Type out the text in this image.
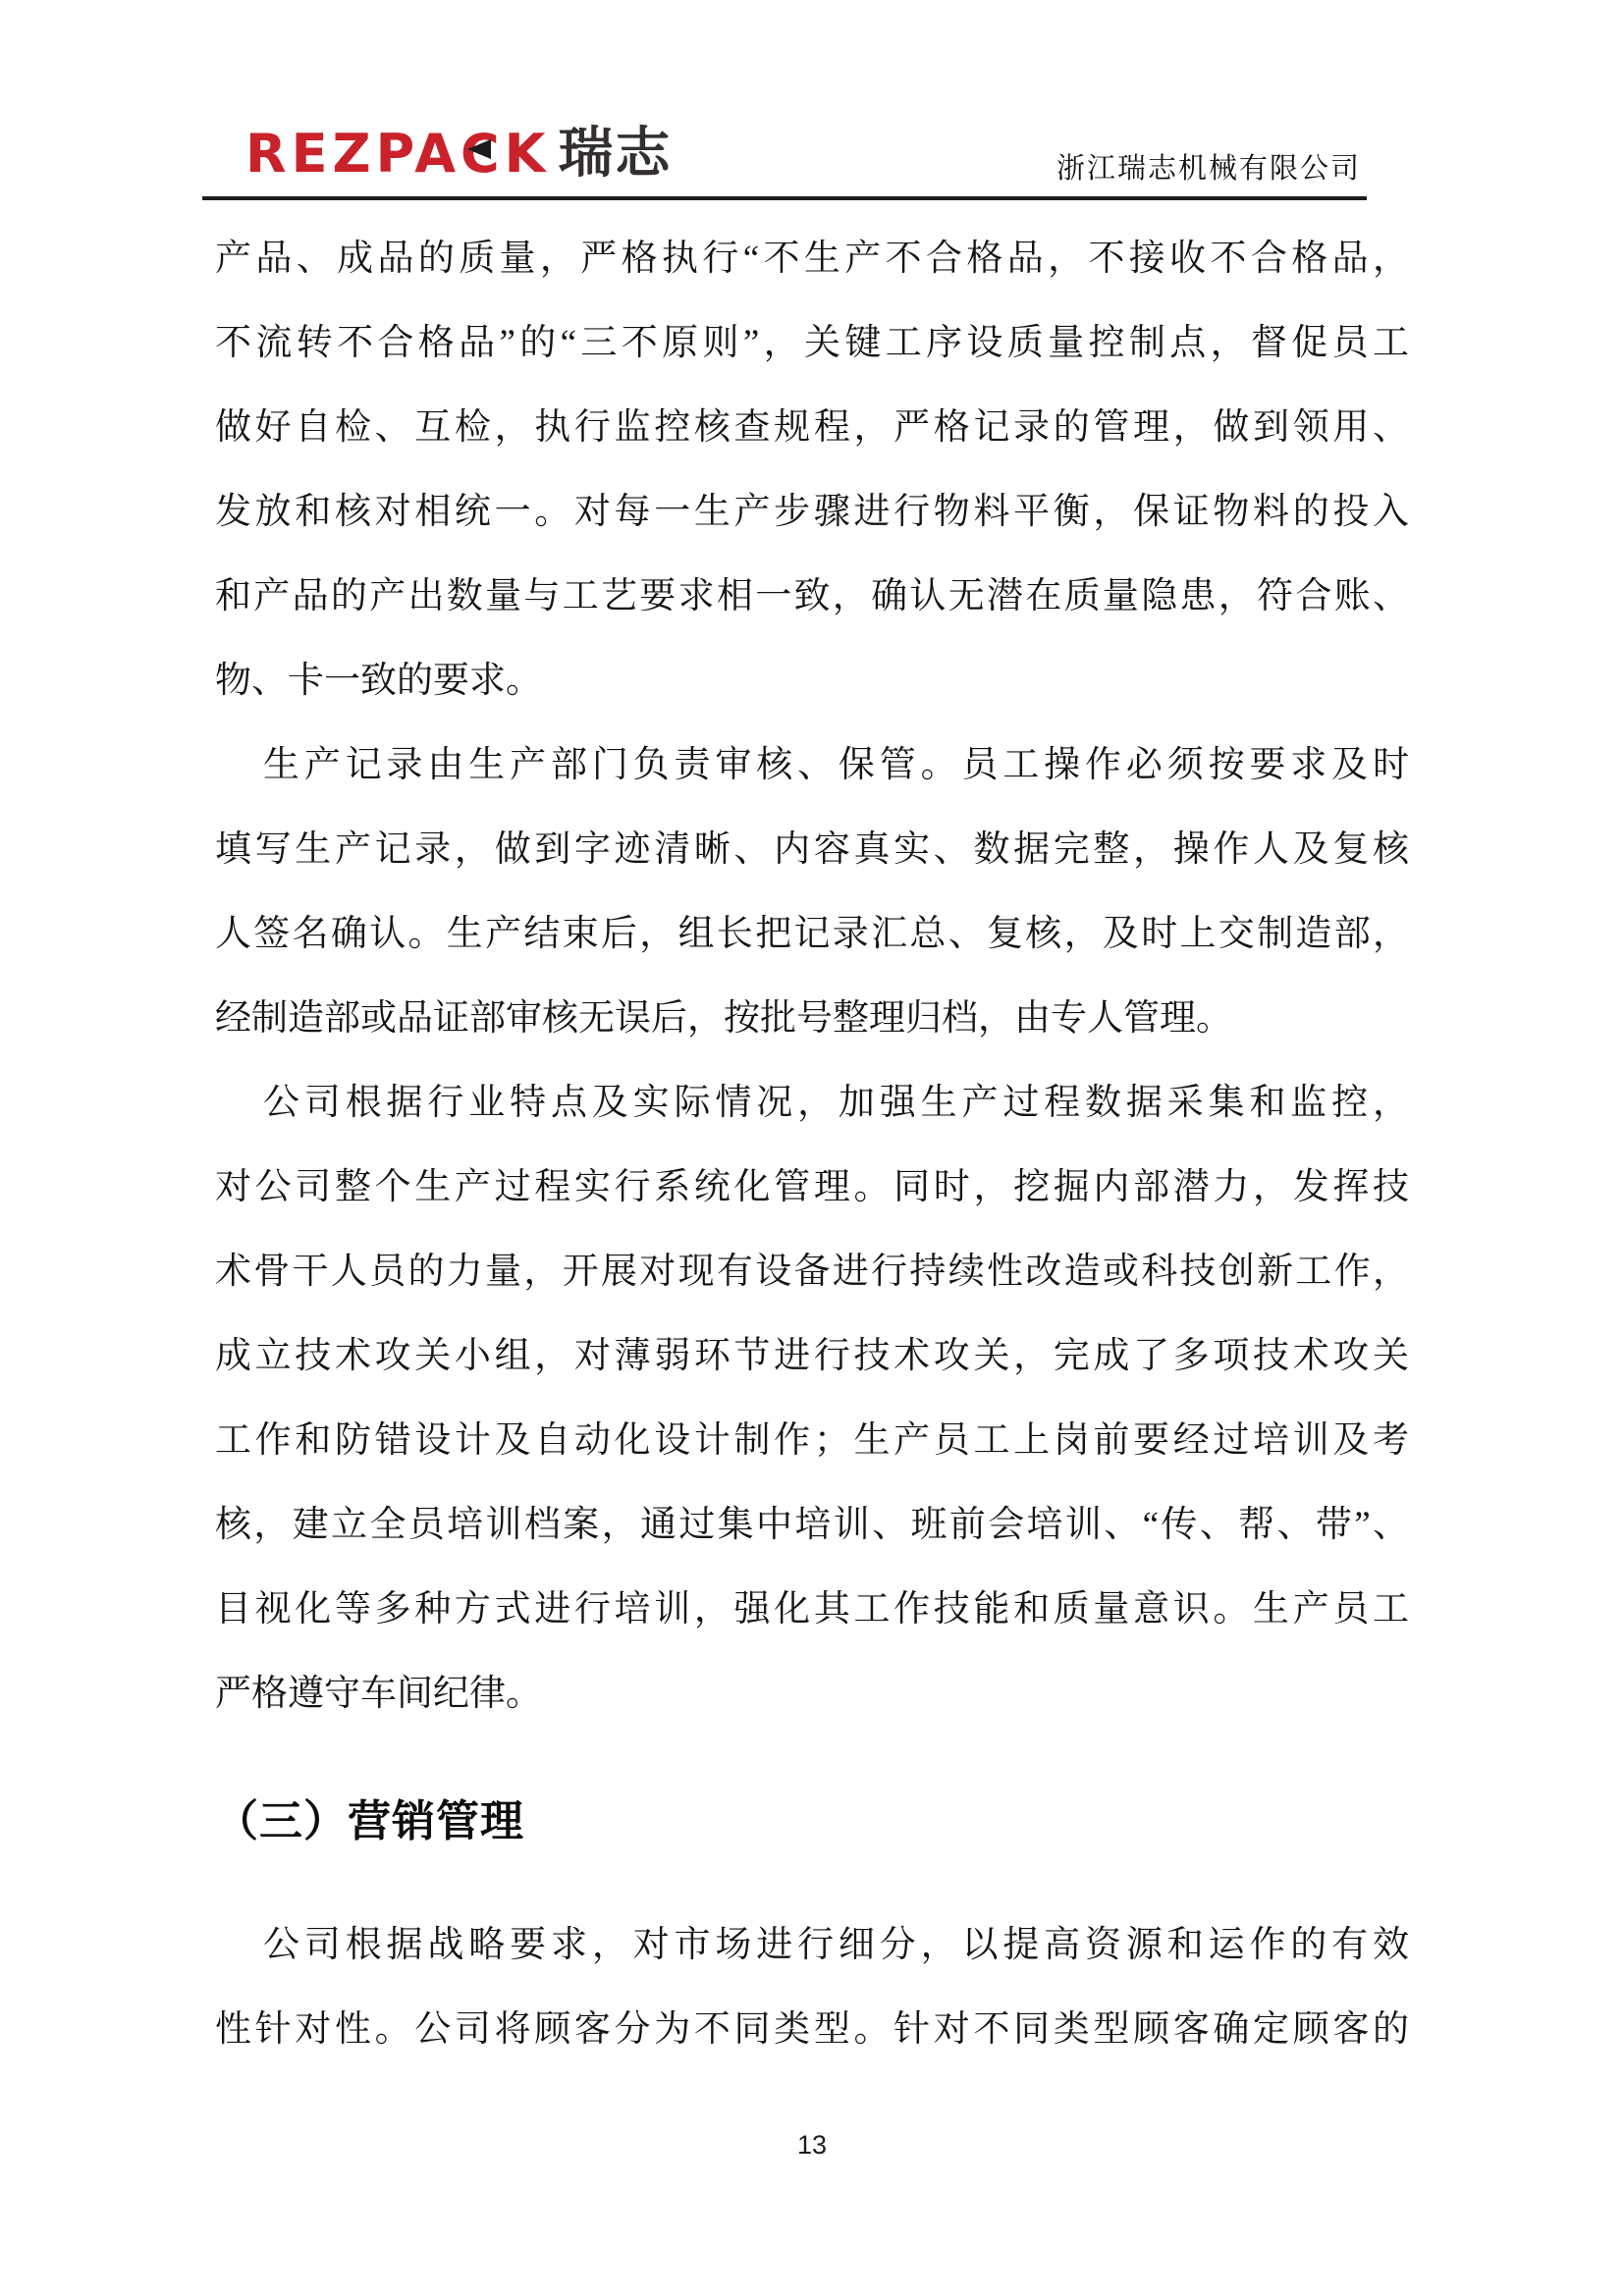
REZPACK 瑞志	浙江瑞志机械有限公司
产品、成品的质量，严格执行“不生产不合格品，不接收不合格品，
不流转不合格品”的“三不原则”，关键工序设质量控制点，督促员工
做好自检、互检，执行监控核查规程，严格记录的管理，做到领用、
发放和核对相统一。对每一生产步骤进行物料平衡，保证物料的投入
和产品的产出数量与工艺要求相一致，确认无潜在质量隐患，符合账、
物、卡一致的要求。
生产记录由生产部门负责审核、保管。员工操作必须按要求及时
填写生产记录，做到字迹清晰、内容真实、数据完整，操作人及复核
人签名确认。生产结束后，组长把记录汇总、复核，及时上交制造部，
经制造部或品证部审核无误后，按批号整理归档，由专人管理。
公司根据行业特点及实际情况，加强生产过程数据采集和监控，
对公司整个生产过程实行系统化管理。同时，挖掘内部潜力，发挥技
术骨干人员的力量，开展对现有设备进行持续性改造或科技创新工作，
成立技术攻关小组，对薄弱环节进行技术攻关，完成了多项技术攻关
工作和防错设计及自动化设计制作；生产员工上岗前要经过培训及考
核，建立全员培训档案，通过集中培训、班前会培训、“传、帮、带”、
目视化等多种方式进行培训，强化其工作技能和质量意识。生产员工
严格遵守车间纪律。
（三）营销管理
公司根据战略要求，对市场进行细分，以提高资源和运作的有效
性针对性。公司将顾客分为不同类型。针对不同类型顾客确定顾客的
13
